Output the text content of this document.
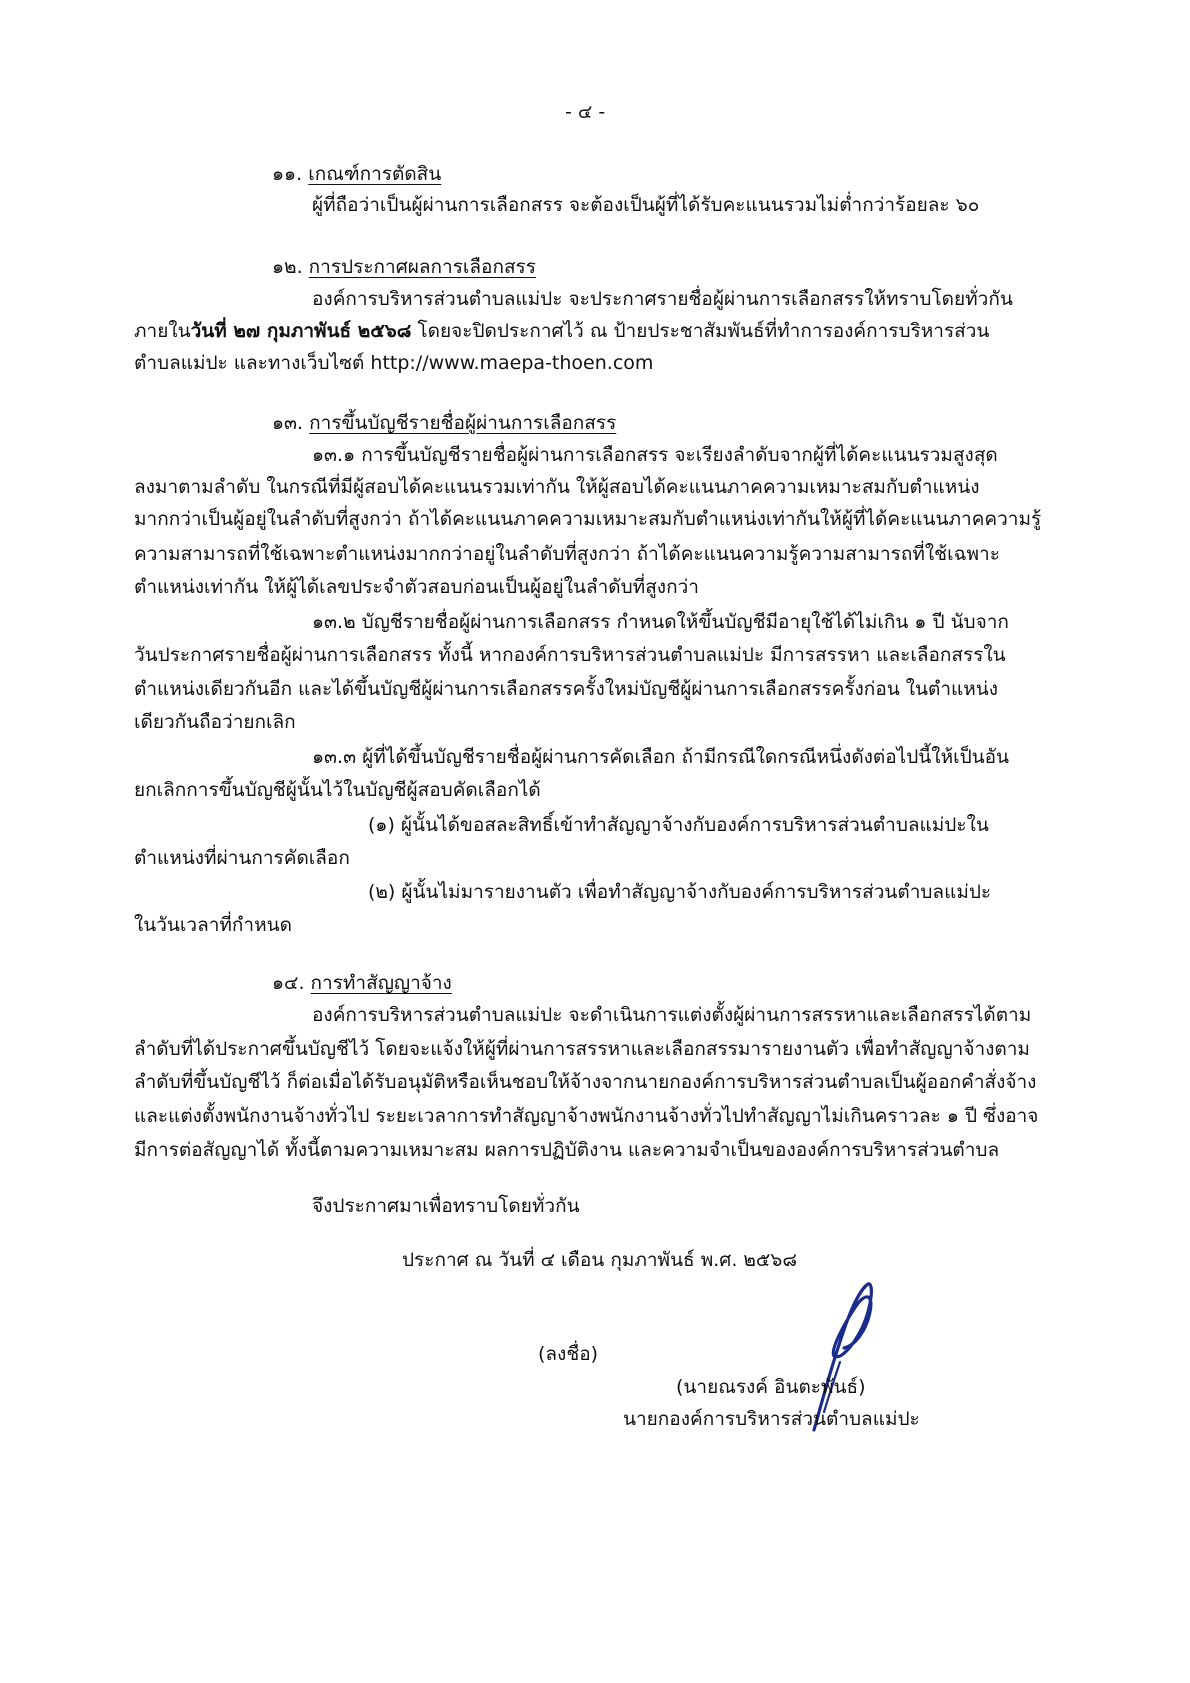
- ๔ -
๑๑. เกณฑ์การตัดสิน
ผู้ที่ถือว่าเป็นผู้ผ่านการเลือกสรร จะต้องเป็นผู้ที่ได้รับคะแนนรวมไม่ต่ำกว่าร้อยละ ๖๐
๑๒. การประกาศผลการเลือกสรร
องค์การบริหารส่วนตำบลแม่ปะ จะประกาศรายชื่อผู้ผ่านการเลือกสรรให้ทราบโดยทั่วกัน
ภายในวันที่ ๒๗ กุมภาพันธ์ ๒๕๖๘ โดยจะปิดประกาศไว้ ณ ป้ายประชาสัมพันธ์ที่ทำการองค์การบริหารส่วน
ตำบลแม่ปะ และทางเว็บไซต์ http://www.maepa-thoen.com
๑๓. การขึ้นบัญชีรายชื่อผู้ผ่านการเลือกสรร
๑๓.๑ การขึ้นบัญชีรายชื่อผู้ผ่านการเลือกสรร จะเรียงลำดับจากผู้ที่ได้คะแนนรวมสูงสุด
ลงมาตามลำดับ ในกรณีที่มีผู้สอบได้คะแนนรวมเท่ากัน ให้ผู้สอบได้คะแนนภาคความเหมาะสมกับตำแหน่ง
มากกว่าเป็นผู้อยู่ในลำดับที่สูงกว่า ถ้าได้คะแนนภาคความเหมาะสมกับตำแหน่งเท่ากันให้ผู้ที่ได้คะแนนภาคความรู้
ความสามารถที่ใช้เฉพาะตำแหน่งมากกว่าอยู่ในลำดับที่สูงกว่า ถ้าได้คะแนนความรู้ความสามารถที่ใช้เฉพาะ
ตำแหน่งเท่ากัน ให้ผู้ได้เลขประจำตัวสอบก่อนเป็นผู้อยู่ในลำดับที่สูงกว่า
๑๓.๒ บัญชีรายชื่อผู้ผ่านการเลือกสรร กำหนดให้ขึ้นบัญชีมีอายุใช้ได้ไม่เกิน ๑ ปี นับจาก
วันประกาศรายชื่อผู้ผ่านการเลือกสรร ทั้งนี้ หากองค์การบริหารส่วนตำบลแม่ปะ มีการสรรหา และเลือกสรรใน
ตำแหน่งเดียวกันอีก และได้ขึ้นบัญชีผู้ผ่านการเลือกสรรครั้งใหม่บัญชีผู้ผ่านการเลือกสรรครั้งก่อน ในตำแหน่ง
เดียวกันถือว่ายกเลิก
๑๓.๓ ผู้ที่ได้ขึ้นบัญชีรายชื่อผู้ผ่านการคัดเลือก ถ้ามีกรณีใดกรณีหนึ่งดังต่อไปนี้ให้เป็นอัน
ยกเลิกการขึ้นบัญชีผู้นั้นไว้ในบัญชีผู้สอบคัดเลือกได้
(๑) ผู้นั้นได้ขอสละสิทธิ์เข้าทำสัญญาจ้างกับองค์การบริหารส่วนตำบลแม่ปะใน
ตำแหน่งที่ผ่านการคัดเลือก
(๒) ผู้นั้นไม่มารายงานตัว เพื่อทำสัญญาจ้างกับองค์การบริหารส่วนตำบลแม่ปะ
ในวันเวลาที่กำหนด
๑๔. การทำสัญญาจ้าง
องค์การบริหารส่วนตำบลแม่ปะ จะดำเนินการแต่งตั้งผู้ผ่านการสรรหาและเลือกสรรได้ตาม
ลำดับที่ได้ประกาศขึ้นบัญชีไว้ โดยจะแจ้งให้ผู้ที่ผ่านการสรรหาและเลือกสรรมารายงานตัว เพื่อทำสัญญาจ้างตาม
ลำดับที่ขึ้นบัญชีไว้ ก็ต่อเมื่อได้รับอนุมัติหรือเห็นชอบให้จ้างจากนายกองค์การบริหารส่วนตำบลเป็นผู้ออกคำสั่งจ้าง
และแต่งตั้งพนักงานจ้างทั่วไป ระยะเวลาการทำสัญญาจ้างพนักงานจ้างทั่วไปทำสัญญาไม่เกินคราวละ ๑ ปี ซึ่งอาจ
มีการต่อสัญญาได้ ทั้งนี้ตามความเหมาะสม ผลการปฏิบัติงาน และความจำเป็นขององค์การบริหารส่วนตำบล
จึงประกาศมาเพื่อทราบโดยทั่วกัน
ประกาศ ณ วันที่ ๔ เดือน กุมภาพันธ์ พ.ศ. ๒๕๖๘
(ลงชื่อ)
(นายณรงค์ อินตะพันธ์)
นายกองค์การบริหารส่วนตำบลแม่ปะ
